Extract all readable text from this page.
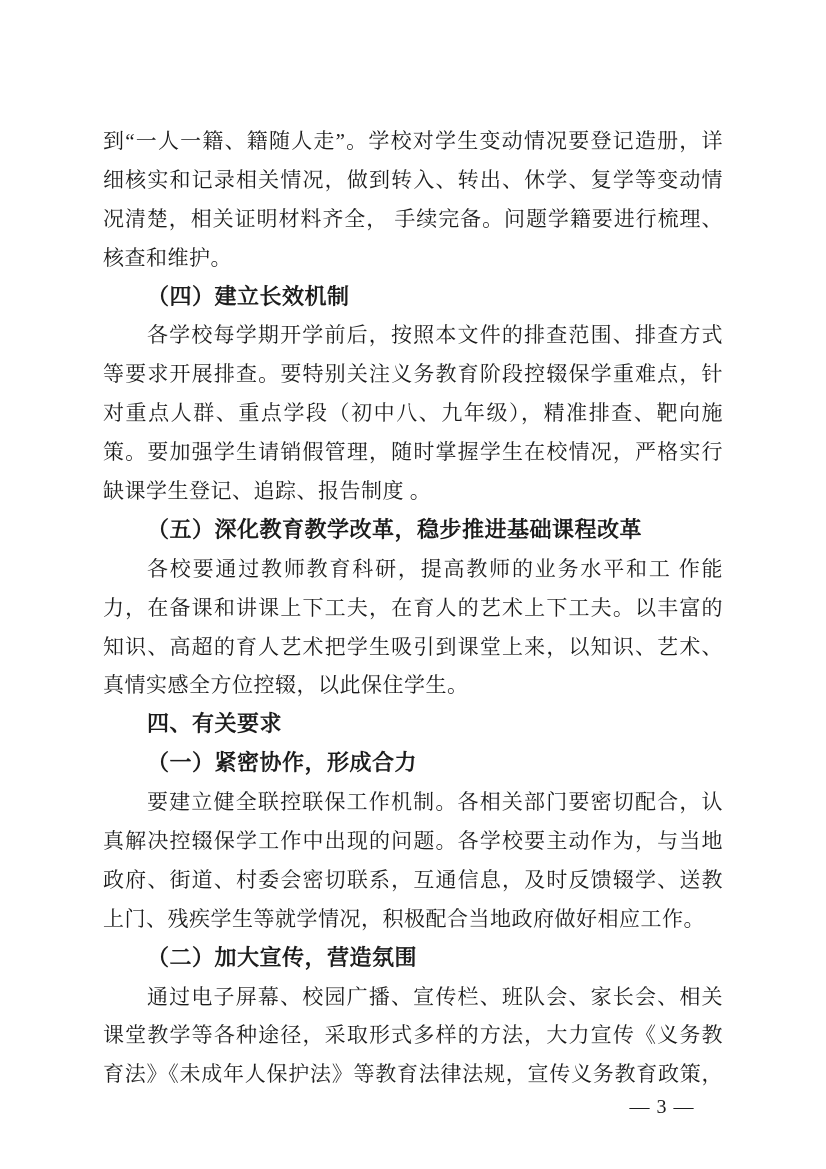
到“一人一籍、籍随人走”。学校对学生变动情况要登记造册，详
细核实和记录相关情况，做到转入、转出、休学、复学等变动情
况清楚，相关证明材料齐全， 手续完备。问题学籍要进行梳理、
核查和维护。
（四）建立长效机制
各学校每学期开学前后，按照本文件的排查范围、排查方式
等要求开展排查。要特别关注义务教育阶段控辍保学重难点，针
对重点人群、重点学段（初中八、九年级），精准排查、靶向施
策。要加强学生请销假管理，随时掌握学生在校情况，严格实行
缺课学生登记、追踪、报告制度 。
（五）深化教育教学改革，稳步推进基础课程改革
各校要通过教师教育科研，提高教师的业务水平和工 作能
力，在备课和讲课上下工夫，在育人的艺术上下工夫。以丰富的
知识、高超的育人艺术把学生吸引到课堂上来，以知识、艺术、
真情实感全方位控辍，以此保住学生。
四、有关要求
（一）紧密协作，形成合力
要建立健全联控联保工作机制。各相关部门要密切配合，认
真解决控辍保学工作中出现的问题。各学校要主动作为，与当地
政府、街道、村委会密切联系，互通信息，及时反馈辍学、送教
上门、残疾学生等就学情况，积极配合当地政府做好相应工作。
（二）加大宣传，营造氛围
通过电子屏幕、校园广播、宣传栏、班队会、家长会、相关
课堂教学等各种途径，采取形式多样的方法，大力宣传《义务教
育法》《未成年人保护法》等教育法律法规，宣传义务教育政策，
— 3 —
